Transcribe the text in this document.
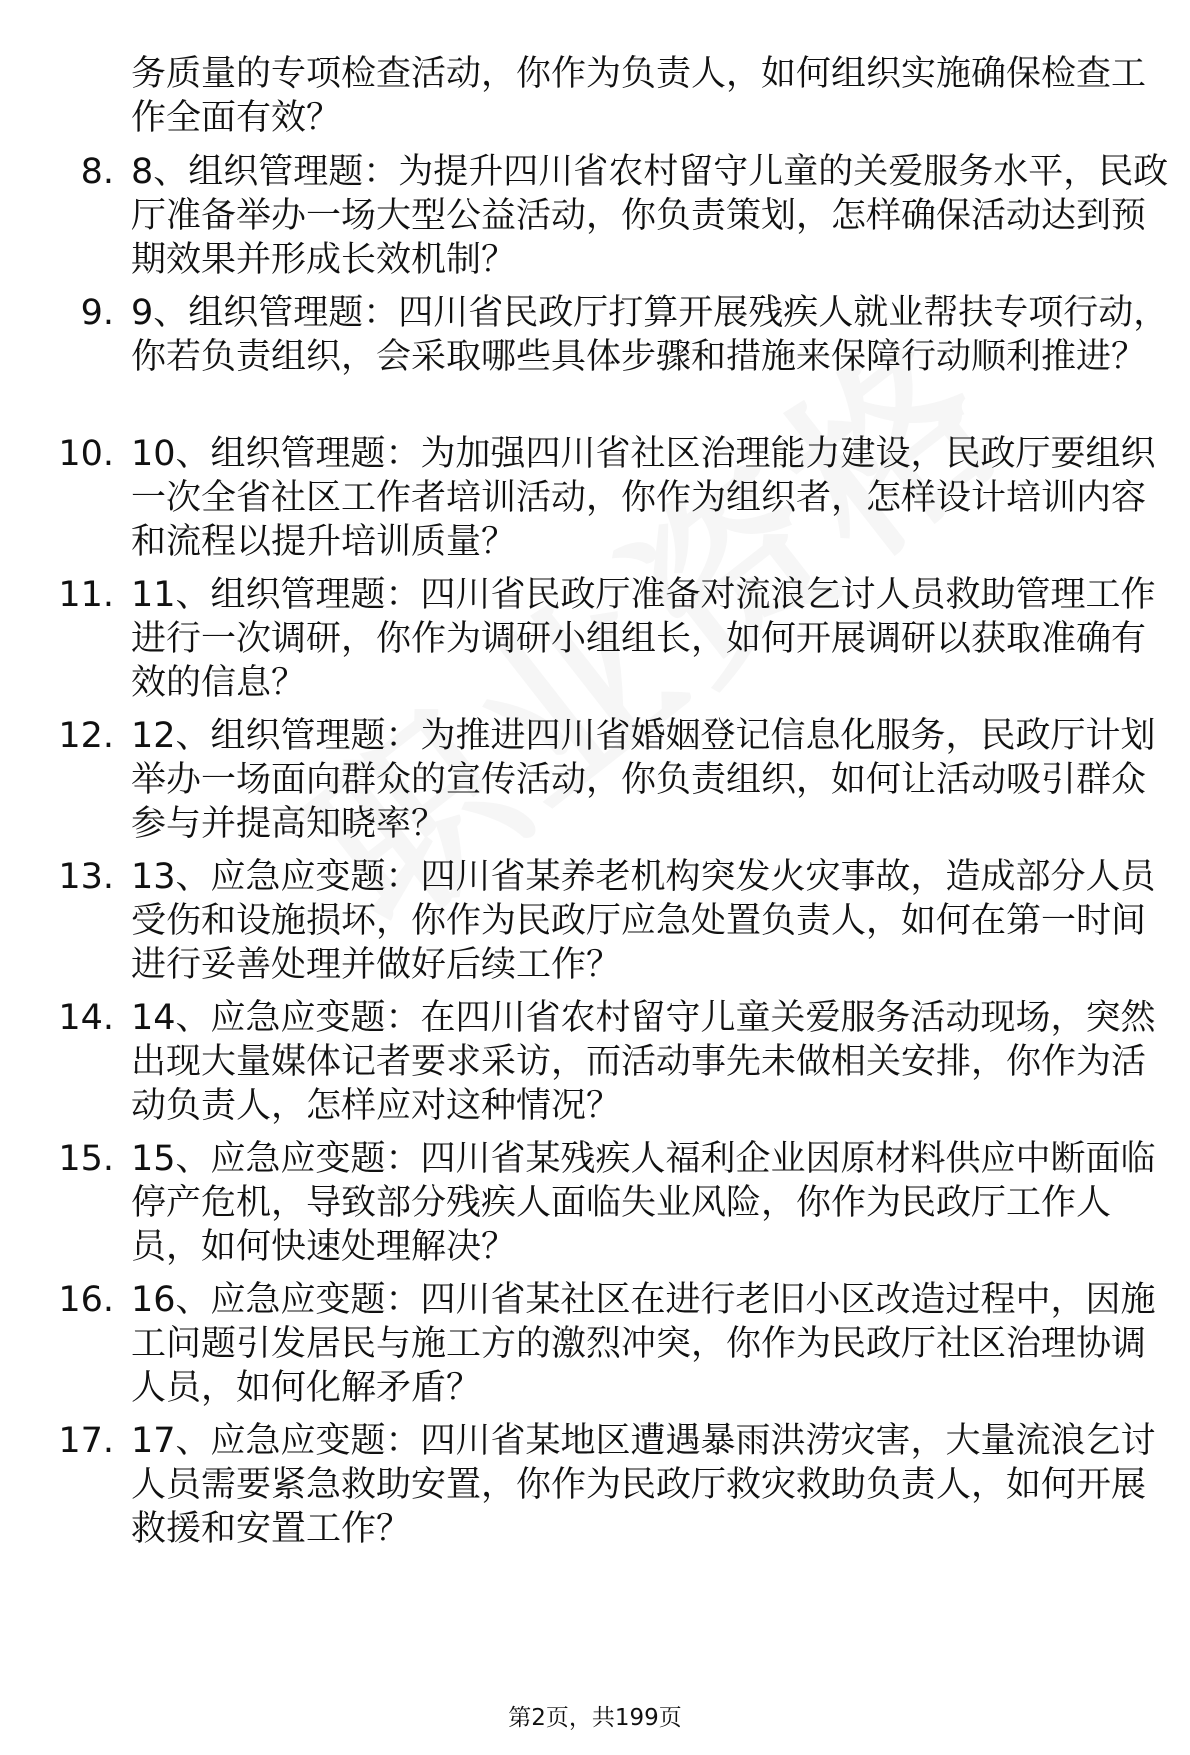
务质量的专项检查活动，你作为负责人，如何组织实施确保检查工作全面有效？
8. 8、组织管理题：为提升四川省农村留守儿童的关爱服务水平，民政厅准备举办一场大型公益活动，你负责策划，怎样确保活动达到预期效果并形成长效机制？
9. 9、组织管理题：四川省民政厅打算开展残疾人就业帮扶专项行动，你若负责组织，会采取哪些具体步骤和措施来保障行动顺利推进？
10. 10、组织管理题：为加强四川省社区治理能力建设，民政厅要组织一次全省社区工作者培训活动，你作为组织者，怎样设计培训内容和流程以提升培训质量？
11. 11、组织管理题：四川省民政厅准备对流浪乞讨人员救助管理工作进行一次调研，你作为调研小组组长，如何开展调研以获取准确有效的信息？
12. 12、组织管理题：为推进四川省婚姻登记信息化服务，民政厅计划举办一场面向群众的宣传活动，你负责组织，如何让活动吸引群众参与并提高知晓率？
13. 13、应急应变题：四川省某养老机构突发火灾事故，造成部分人员受伤和设施损坏，你作为民政厅应急处置负责人，如何在第一时间进行妥善处理并做好后续工作？
14. 14、应急应变题：在四川省农村留守儿童关爱服务活动现场，突然出现大量媒体记者要求采访，而活动事先未做相关安排，你作为活动负责人，怎样应对这种情况？
15. 15、应急应变题：四川省某残疾人福利企业因原材料供应中断面临停产危机，导致部分残疾人面临失业风险，你作为民政厅工作人员，如何快速处理解决？
16. 16、应急应变题：四川省某社区在进行老旧小区改造过程中，因施工问题引发居民与施工方的激烈冲突，你作为民政厅社区治理协调人员，如何化解矛盾？
17. 17、应急应变题：四川省某地区遭遇暴雨洪涝灾害，大量流浪乞讨人员需要紧急救助安置，你作为民政厅救灾救助负责人，如何开展救援和安置工作？
第2页，共199页
